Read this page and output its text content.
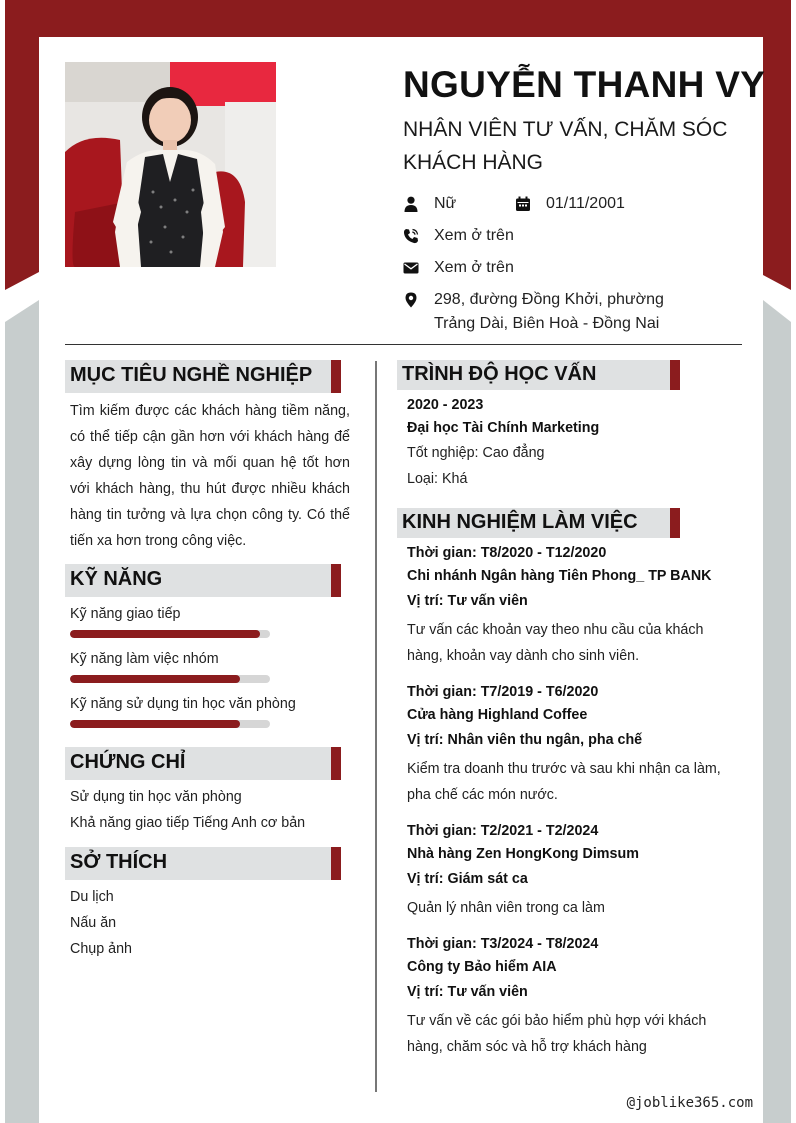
NGUYỄN THANH VY
NHÂN VIÊN TƯ VẤN, CHĂM SÓC KHÁCH HÀNG
Nữ	01/11/2001
Xem ở trên
Xem ở trên
298, đường Đồng Khởi, phường Trảng Dài, Biên Hoà - Đồng Nai
MỤC TIÊU NGHỀ NGHIỆP
Tìm kiếm được các khách hàng tiềm năng, có thể tiếp cận gần hơn với khách hàng để xây dựng lòng tin và mối quan hệ tốt hơn với khách hàng, thu hút được nhiều khách hàng tin tưởng và lựa chọn công ty. Có thể tiến xa hơn trong công việc.
KỸ NĂNG
Kỹ năng giao tiếp
Kỹ năng làm việc nhóm
Kỹ năng sử dụng tin học văn phòng
CHỨNG CHỈ
Sử dụng tin học văn phòng
Khả năng giao tiếp Tiếng Anh cơ bản
SỞ THÍCH
Du lịch
Nấu ăn
Chụp ảnh
TRÌNH ĐỘ HỌC VẤN
2020 - 2023
Đại học Tài Chính Marketing
Tốt nghiệp: Cao đẳng
Loại: Khá
KINH NGHIỆM LÀM VIỆC
Thời gian: T8/2020 - T12/2020
Chi nhánh Ngân hàng Tiên Phong_ TP BANK
Vị trí: Tư vấn viên
Tư vấn các khoản vay theo nhu cầu của khách hàng, khoản vay dành cho sinh viên.
Thời gian: T7/2019 - T6/2020
Cửa hàng Highland Coffee
Vị trí: Nhân viên thu ngân, pha chế
Kiểm tra doanh thu trước và sau khi nhận ca làm, pha chế các món nước.
Thời gian: T2/2021 - T2/2024
Nhà hàng Zen HongKong Dimsum
Vị trí: Giám sát ca
Quản lý nhân viên trong ca làm
Thời gian: T3/2024 - T8/2024
Công ty Bảo hiểm AIA
Vị trí: Tư vấn viên
Tư vấn về các gói bảo hiểm phù hợp với khách hàng, chăm sóc và hỗ trợ khách hàng
@joblike365.com
